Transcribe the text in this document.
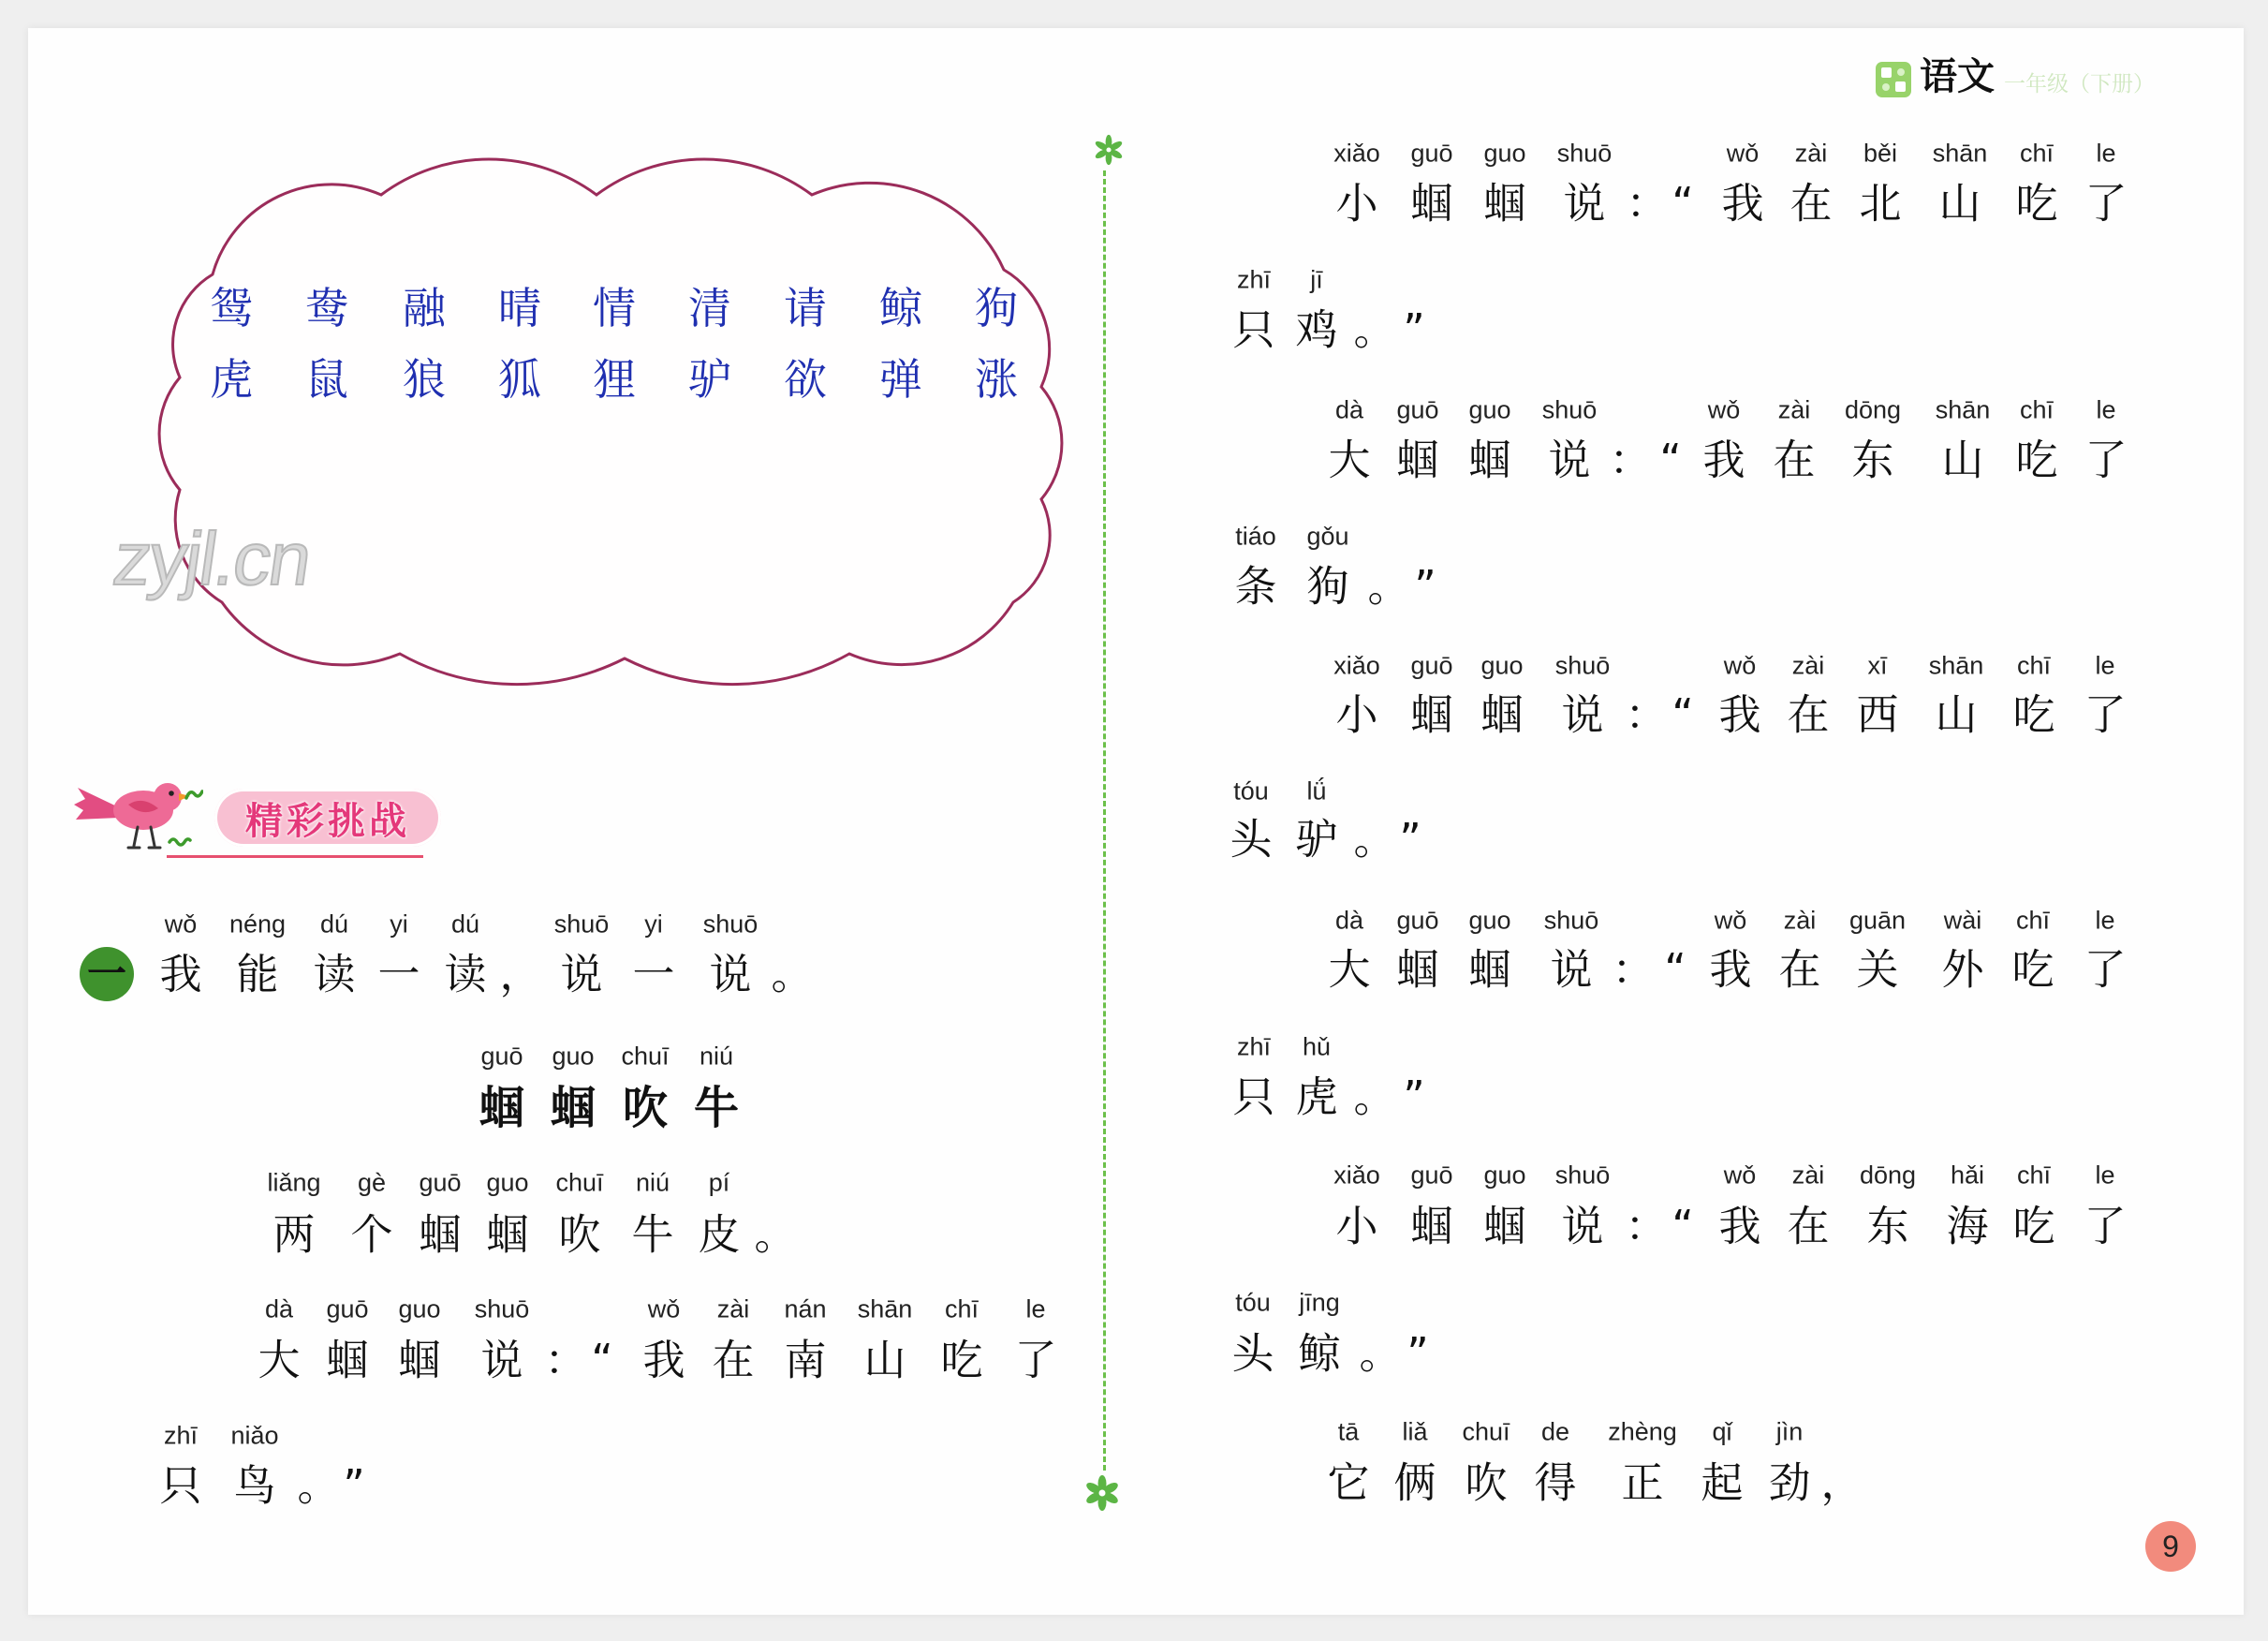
语文 一年级（下册）
鸳 鸯 融 晴 情 清 请 鲸 狗
虎 鼠 狼 狐 狸 驴 欲 弹 涨
zyjl.cn
精彩挑战
一
wǒ
我
néng
能
dú
读
yi
一
dú
读 ，
shuō
说
yi
一
shuō
说 。
guō
蝈
guo
蝈
chuī
吹
niú
牛
liǎng
两
gè
个
guō
蝈
guo
蝈
chuī
吹
niú
牛
pí
皮 。
dà
大
guō
蝈
guo
蝈
shuō
说 ： “
wǒ
我
zài
在
nán
南
shān
山
chī
吃
le
了
zhī
只
niǎo
鸟 。 ”
xiǎo
小
guō
蝈
guo
蝈
shuō
说 ： “
wǒ
我
zài
在
běi
北
shān
山
chī
吃
le
了
zhī
只
jī
鸡 。 ”
dà
大
guō
蝈
guo
蝈
shuō
说 ： “
wǒ
我
zài
在
dōng
东
shān
山
chī
吃
le
了
tiáo
条
gǒu
狗 。 ”
xiǎo
小
guō
蝈
guo
蝈
shuō
说 ： “
wǒ
我
zài
在
xī
西
shān
山
chī
吃
le
了
tóu
头
lǘ
驴 。 ”
dà
大
guō
蝈
guo
蝈
shuō
说 ： “
wǒ
我
zài
在
guān
关
wài
外
chī
吃
le
了
zhī
只
hǔ
虎 。 ”
xiǎo
小
guō
蝈
guo
蝈
shuō
说 ： “
wǒ
我
zài
在
dōng
东
hǎi
海
chī
吃
le
了
tóu
头
jīng
鲸 。 ”
tā
它
liǎ
俩
chuī
吹
de
得
zhèng
正
qǐ
起
jìn
劲 ，
9
